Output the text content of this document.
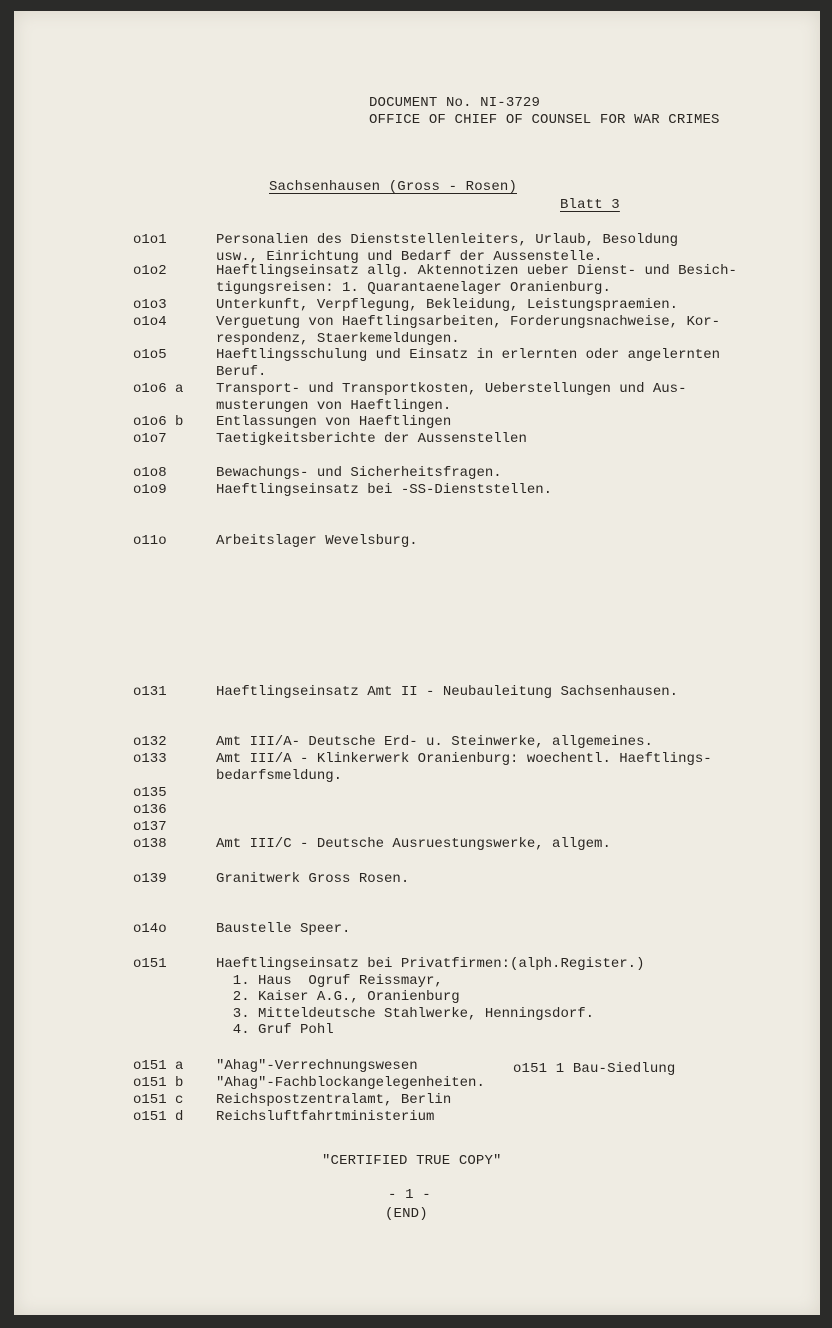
DOCUMENT No. NI-3729
OFFICE OF CHIEF OF COUNSEL FOR WAR CRIMES
Sachsenhausen (Gross - Rosen)
Blatt 3
o1o1	Personalien des Dienststellenleiters, Urlaub, Besoldung
usw., Einrichtung und Bedarf der Aussenstelle.
o1o2	Haeftlingseinsatz allg. Aktennotizen ueber Dienst- und Besich-
tigungsreisen: 1. Quarantaenelager Oranienburg.
o1o3	Unterkunft, Verpflegung, Bekleidung, Leistungspraemien.
o1o4	Verguetung von Haeftlingsarbeiten, Forderungsnachweise, Kor-
respondenz, Staerkemeldungen.
o1o5	Haeftlingsschulung und Einsatz in erlernten oder angelernten
Beruf.
o1o6 a Transport- und Transportkosten, Ueberstellungen und Aus-
musterungen von Haeftlingen.
o1o6 b Entlassungen von Haeftlingen
o1o7	Taetigkeitsberichte der Aussenstellen
o1o8	Bewachungs- und Sicherheitsfragen.
o1o9	Haeftlingseinsatz bei -SS-Dienststellen.
o11o	Arbeitslager Wevelsburg.
o131	Haeftlingseinsatz Amt II - Neubauleitung Sachsenhausen.
o132	Amt III/A- Deutsche Erd- u. Steinwerke, allgemeines.
o133	Amt III/A - Klinkerwerk Oranienburg: woechentl. Haeftlings-
bedarfsmeldung.
o135
o136
o137
o138	Amt III/C - Deutsche Ausruestungswerke, allgem.
o139	Granitwerk Gross Rosen.
o14o	Baustelle Speer.
o151	Haeftlingseinsatz bei Privatfirmen:(alph.Register.)
1. Haus  Ogruf Reissmayr,
2. Kaiser A.G., Oranienburg
3. Mitteldeutsche Stahlwerke, Henningsdorf.
4. Gruf Pohl
o151 a "Ahag"-Verrechnungswesen
o151 b "Ahag"-Fachblockangelegenheiten.
o151 c Reichspostzentralamt, Berlin
o151 d Reichsluftfahrtministerium
o151 1 Bau-Siedlung
"CERTIFIED TRUE COPY"
- 1 -
(END)
